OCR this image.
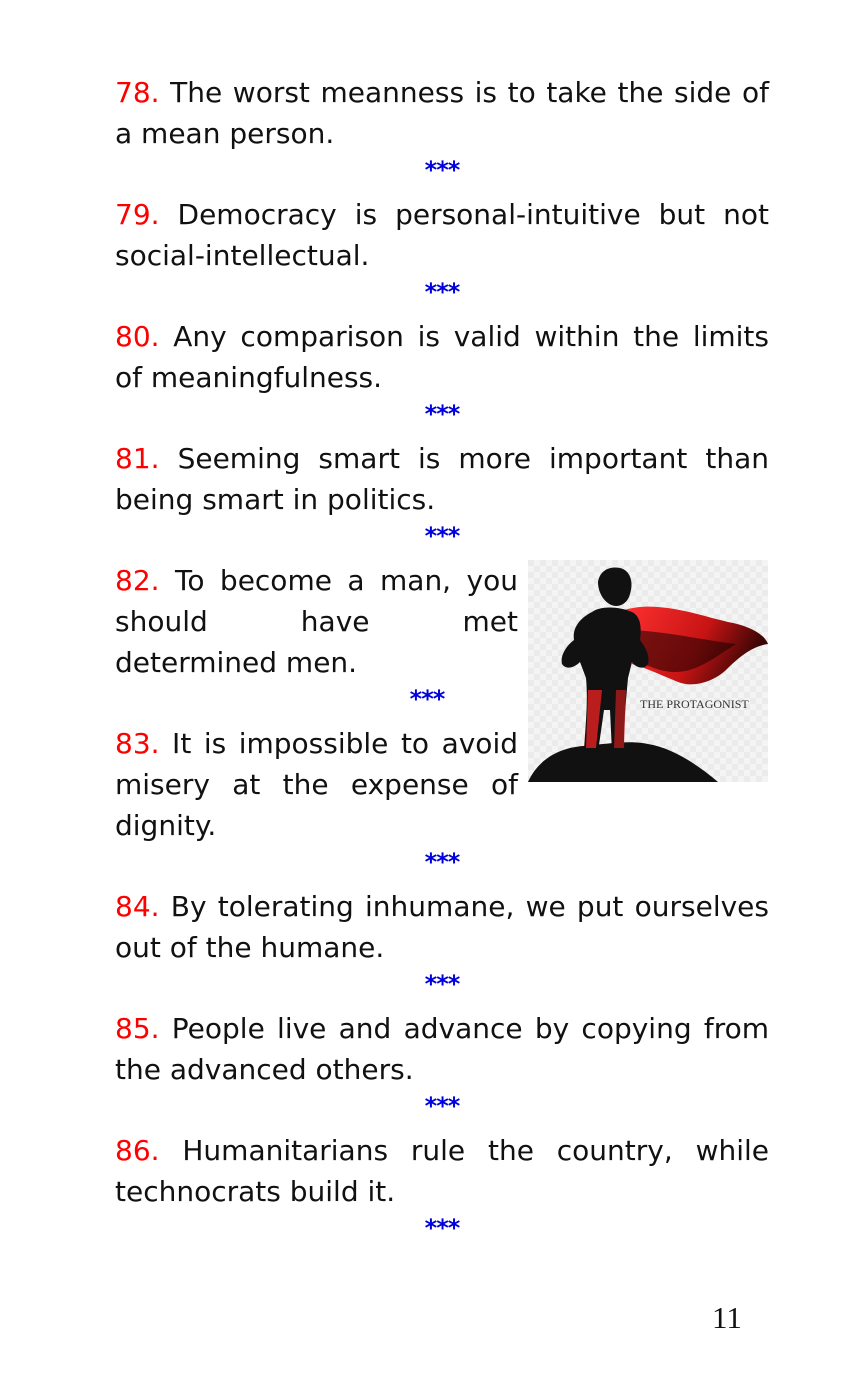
78. The worst meanness is to take the side of a mean person.

***

79. Democracy is personal-intuitive but not social-intellectual.

***

80. Any comparison is valid within the limits of meaningfulness.

***

81. Seeming smart is more important than being smart in politics.

***
THE PROTAGONIST

82. To become a man, you should have met determined men.

***

83. It is impossible to avoid misery at the expense of dignity.

***

84. By tolerating inhumane, we put ourselves out of the humane.

***

85. People live and advance by copying from the advanced others.

***

86. Humanitarians rule the country, while technocrats build it.

***
11
